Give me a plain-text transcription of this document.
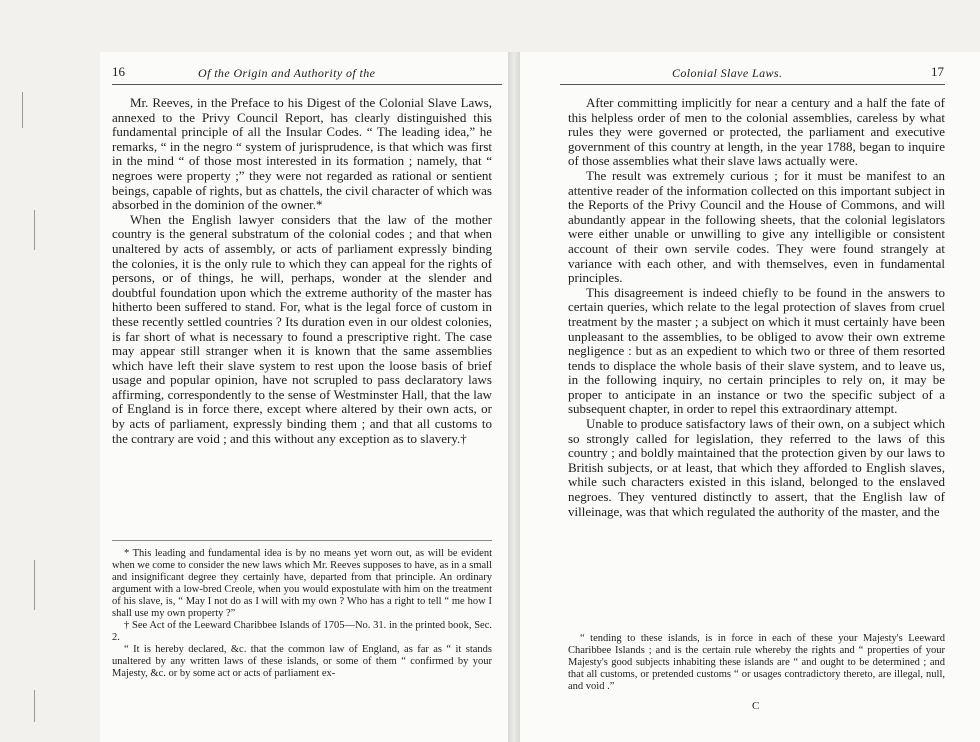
16	Of the Origin and Authority of the

Mr. Reeves, in the Preface to his Digest of the Colonial Slave Laws, annexed to the Privy Council Report, has clearly distinguished this fundamental principle of all the Insular Codes. “ The leading idea,” he remarks, “ in the negro “ system of jurisprudence, is that which was first in the mind “ of those most interested in its formation ; namely, that “ negroes were property ;” they were not regarded as rational or sentient beings, capable of rights, but as chattels, the civil character of which was absorbed in the dominion of the owner.*

When the English lawyer considers that the law of the mother country is the general substratum of the colonial codes ; and that when unaltered by acts of assembly, or acts of parliament expressly binding the colonies, it is the only rule to which they can appeal for the rights of persons, or of things, he will, perhaps, wonder at the slender and doubtful foundation upon which the extreme authority of the master has hitherto been suffered to stand. For, what is the legal force of custom in these recently settled countries ? Its duration even in our oldest colonies, is far short of what is necessary to found a prescriptive right. The case may appear still stranger when it is known that the same assemblies which have left their slave system to rest upon the loose basis of brief usage and popular opinion, have not scrupled to pass declaratory laws affirming, correspondently to the sense of Westminster Hall, that the law of England is in force there, except where altered by their own acts, or by acts of parliament, expressly binding them ; and that all customs to the contrary are void ; and this without any exception as to slavery.†

* This leading and fundamental idea is by no means yet worn out, as will be evident when we come to consider the new laws which Mr. Reeves supposes to have, as in a small and insignificant degree they certainly have, departed from that principle. An ordinary argument with a low-bred Creole, when you would expostulate with him on the treatment of his slave, is, “ May I not do as I will with my own ? Who has a right to tell “ me how I shall use my own property ?”

† See Act of the Leeward Charibbee Islands of 1705—No. 31. in the printed book, Sec. 2.

“ It is hereby declared, &c. that the common law of England, as far as “ it stands unaltered by any written laws of these islands, or some of them “ confirmed by your Majesty, &c. or by some act or acts of parliament ex-

Colonial Slave Laws.	17

After committing implicitly for near a century and a half the fate of this helpless order of men to the colonial assemblies, careless by what rules they were governed or protected, the parliament and executive government of this country at length, in the year 1788, began to inquire of those assemblies what their slave laws actually were.

The result was extremely curious ; for it must be manifest to an attentive reader of the information collected on this important subject in the Reports of the Privy Council and the House of Commons, and will abundantly appear in the following sheets, that the colonial legislators were either unable or unwilling to give any intelligible or consistent account of their own servile codes. They were found strangely at variance with each other, and with themselves, even in fundamental principles.

This disagreement is indeed chiefly to be found in the answers to certain queries, which relate to the legal protection of slaves from cruel treatment by the master ; a subject on which it must certainly have been unpleasant to the assemblies, to be obliged to avow their own extreme negligence : but as an expedient to which two or three of them resorted tends to displace the whole basis of their slave system, and to leave us, in the following inquiry, no certain principles to rely on, it may be proper to anticipate in an instance or two the specific subject of a subsequent chapter, in order to repel this extraordinary attempt.

Unable to produce satisfactory laws of their own, on a subject which so strongly called for legislation, they referred to the laws of this country ; and boldly maintained that the protection given by our laws to British subjects, or at least, that which they afforded to English slaves, while such characters existed in this island, belonged to the enslaved negroes. They ventured distinctly to assert, that the English law of villeinage, was that which regulated the authority of the master, and the

“ tending to these islands, is in force in each of these your Majesty's Leeward Charibbee Islands ; and is the certain rule whereby the rights and “ properties of your Majesty's good subjects inhabiting these islands are “ and ought to be determined ; and that all customs, or pretended customs “ or usages contradictory thereto, are illegal, null, and void .”

C
